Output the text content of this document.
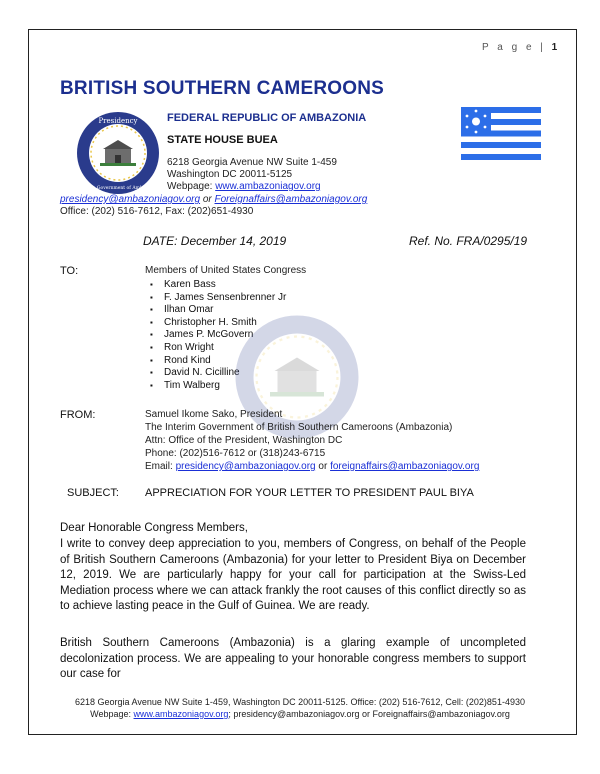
P a g e | 1
BRITISH SOUTHERN CAMEROONS
Presidency
Interim Government of Ambazonia
FEDERAL REPUBLIC OF AMBAZONIA
STATE HOUSE BUEA
6218 Georgia Avenue NW Suite 1-459
Washington DC 20011-5125
Webpage: www.ambazoniagov.org
presidency@ambazoniagov.org or Foreignaffairs@ambazoniagov.org
Office: (202) 516-7612, Fax: (202)651-4930
DATE: December 14, 2019	Ref. No. FRA/0295/19
TO:	Members of United States Congress
▪ Karen Bass
▪ F. James Sensenbrenner Jr
▪ Ilhan Omar
▪ Christopher H. Smith
▪ James P. McGovern
▪ Ron Wright
▪ Rond Kind
▪ David N. Cicilline
▪ Tim Walberg
FROM:	Samuel Ikome Sako, President
The Interim Government of British Southern Cameroons (Ambazonia)
Attn: Office of the President, Washington DC
Phone: (202)516-7612 or (318)243-6715
Email: presidency@ambazoniagov.org or foreignaffairs@ambazoniagov.org
SUBJECT: APPRECIATION FOR YOUR LETTER TO PRESIDENT PAUL BIYA
Dear Honorable Congress Members,
I write to convey deep appreciation to you, members of Congress, on behalf of the People of British Southern Cameroons (Ambazonia) for your letter to President Biya on December 12, 2019. We are particularly happy for your call for participation at the Swiss-Led Mediation process where we can attack frankly the root causes of this conflict directly so as to achieve lasting peace in the Gulf of Guinea. We are ready.
British Southern Cameroons (Ambazonia) is a glaring example of uncompleted decolonization process. We are appealing to your honorable congress members to support our case for
6218 Georgia Avenue NW Suite 1-459, Washington DC 20011-5125. Office: (202) 516-7612, Cell: (202)851-4930
Webpage: www.ambazoniagov.org; presidency@ambazoniagov.org or Foreignaffairs@ambazoniagov.org
